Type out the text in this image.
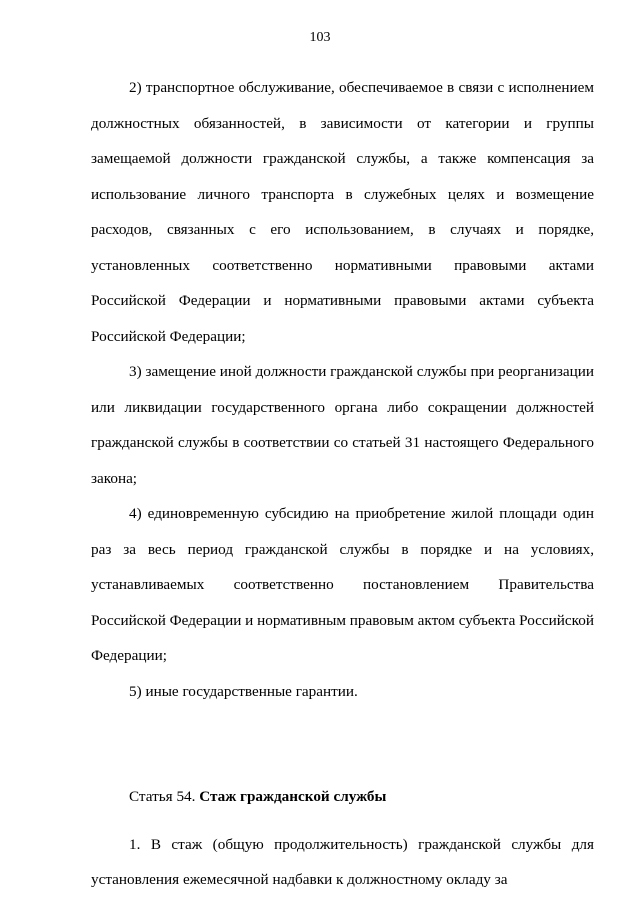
103

2) транспортное обслуживание, обеспечиваемое в связи с исполнением должностных обязанностей, в зависимости от категории и группы замещаемой должности гражданской службы, а также компенсация за использование личного транспорта в служебных целях и возмещение расходов, связанных с его использованием, в случаях и порядке, установленных соответственно нормативными правовыми актами Российской Федерации и нормативными правовыми актами субъекта Российской Федерации;

3) замещение иной должности гражданской службы при реорганизации или ликвидации государственного органа либо сокращении должностей гражданской службы в соответствии со статьей 31 настоящего Федерального закона;

4) единовременную субсидию на приобретение жилой площади один раз за весь период гражданской службы в порядке и на условиях, устанавливаемых соответственно постановлением Правительства Российской Федерации и нормативным правовым актом субъекта Российской Федерации;

5) иные государственные гарантии.

Статья 54. Стаж гражданской службы

1. В стаж (общую продолжительность) гражданской службы для установления ежемесячной надбавки к должностному окладу за
